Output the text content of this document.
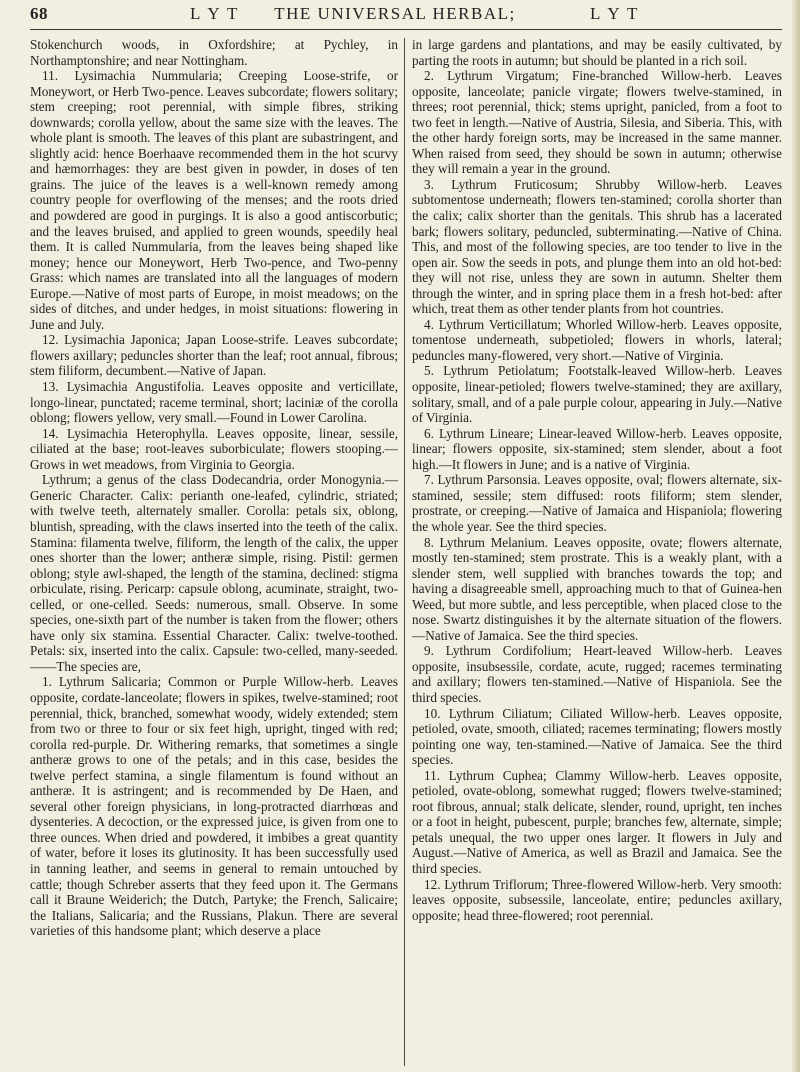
68	L Y T	THE UNIVERSAL HERBAL;	L Y T

Stokenchurch woods, in Oxfordshire; at Pychley, in Northamptonshire; and near Nottingham.

11. Lysimachia Nummularia; Creeping Loose-strife, or Moneywort, or Herb Two-pence. Leaves subcordate; flowers solitary; stem creeping; root perennial, with simple fibres, striking downwards; corolla yellow, about the same size with the leaves. The whole plant is smooth. The leaves of this plant are subastringent, and slightly acid: hence Boerhaave recommended them in the hot scurvy and hæmorrhages: they are best given in powder, in doses of ten grains. The juice of the leaves is a well-known remedy among country people for overflowing of the menses; and the roots dried and powdered are good in purgings. It is also a good antiscorbutic; and the leaves bruised, and applied to green wounds, speedily heal them. It is called Nummularia, from the leaves being shaped like money; hence our Moneywort, Herb Two-pence, and Two-penny Grass: which names are translated into all the languages of modern Europe.—Native of most parts of Europe, in moist meadows; on the sides of ditches, and under hedges, in moist situations: flowering in June and July.

12. Lysimachia Japonica; Japan Loose-strife. Leaves subcordate; flowers axillary; peduncles shorter than the leaf; root annual, fibrous; stem filiform, decumbent.—Native of Japan.

13. Lysimachia Angustifolia. Leaves opposite and verticillate, longo-linear, punctated; raceme terminal, short; laciniæ of the corolla oblong; flowers yellow, very small.—Found in Lower Carolina.

14. Lysimachia Heterophylla. Leaves opposite, linear, sessile, ciliated at the base; root-leaves suborbiculate; flowers stooping.—Grows in wet meadows, from Virginia to Georgia.

Lythrum; a genus of the class Dodecandria, order Monogynia.—Generic Character. Calix: perianth one-leafed, cylindric, striated; with twelve teeth, alternately smaller. Corolla: petals six, oblong, bluntish, spreading, with the claws inserted into the teeth of the calix. Stamina: filamenta twelve, filiform, the length of the calix, the upper ones shorter than the lower; antheræ simple, rising. Pistil: germen oblong; style awl-shaped, the length of the stamina, declined: stigma orbiculate, rising. Pericarp: capsule oblong, acuminate, straight, two-celled, or one-celled. Seeds: numerous, small. Observe. In some species, one-sixth part of the number is taken from the flower; others have only six stamina. Essential Character. Calix: twelve-toothed. Petals: six, inserted into the calix. Capsule: two-celled, many-seeded.——The species are,

1. Lythrum Salicaria; Common or Purple Willow-herb. Leaves opposite, cordate-lanceolate; flowers in spikes, twelve-stamined; root perennial, thick, branched, somewhat woody, widely extended; stem from two or three to four or six feet high, upright, tinged with red; corolla red-purple. Dr. Withering remarks, that sometimes a single antheræ grows to one of the petals; and in this case, besides the twelve perfect stamina, a single filamentum is found without an antheræ. It is astringent; and is recommended by De Haen, and several other foreign physicians, in long-protracted diarrhœas and dysenteries. A decoction, or the expressed juice, is given from one to three ounces. When dried and powdered, it imbibes a great quantity of water, before it loses its glutinosity. It has been successfully used in tanning leather, and seems in general to remain untouched by cattle; though Schreber asserts that they feed upon it. The Germans call it Braune Weiderich; the Dutch, Partyke; the French, Salicaire; the Italians, Salicaria; and the Russians, Plakun. There are several varieties of this handsome plant; which deserve a place

in large gardens and plantations, and may be easily cultivated, by parting the roots in autumn; but should be planted in a rich soil.

2. Lythrum Virgatum; Fine-branched Willow-herb. Leaves opposite, lanceolate; panicle virgate; flowers twelve-stamined, in threes; root perennial, thick; stems upright, panicled, from a foot to two feet in length.—Native of Austria, Silesia, and Siberia. This, with the other hardy foreign sorts, may be increased in the same manner. When raised from seed, they should be sown in autumn; otherwise they will remain a year in the ground.

3. Lythrum Fruticosum; Shrubby Willow-herb. Leaves subtomentose underneath; flowers ten-stamined; corolla shorter than the calix; calix shorter than the genitals. This shrub has a lacerated bark; flowers solitary, peduncled, subterminating.—Native of China. This, and most of the following species, are too tender to live in the open air. Sow the seeds in pots, and plunge them into an old hot-bed: they will not rise, unless they are sown in autumn. Shelter them through the winter, and in spring place them in a fresh hot-bed: after which, treat them as other tender plants from hot countries.

4. Lythrum Verticillatum; Whorled Willow-herb. Leaves opposite, tomentose underneath, subpetioled; flowers in whorls, lateral; peduncles many-flowered, very short.—Native of Virginia.

5. Lythrum Petiolatum; Footstalk-leaved Willow-herb. Leaves opposite, linear-petioled; flowers twelve-stamined; they are axillary, solitary, small, and of a pale purple colour, appearing in July.—Native of Virginia.

6. Lythrum Lineare; Linear-leaved Willow-herb. Leaves opposite, linear; flowers opposite, six-stamined; stem slender, about a foot high.—It flowers in June; and is a native of Virginia.

7. Lythrum Parsonsia. Leaves opposite, oval; flowers alternate, six-stamined, sessile; stem diffused: roots filiform; stem slender, prostrate, or creeping.—Native of Jamaica and Hispaniola; flowering the whole year. See the third species.

8. Lythrum Melanium. Leaves opposite, ovate; flowers alternate, mostly ten-stamined; stem prostrate. This is a weakly plant, with a slender stem, well supplied with branches towards the top; and having a disagreeable smell, approaching much to that of Guinea-hen Weed, but more subtle, and less perceptible, when placed close to the nose. Swartz distinguishes it by the alternate situation of the flowers.—Native of Jamaica. See the third species.

9. Lythrum Cordifolium; Heart-leaved Willow-herb. Leaves opposite, insubsessile, cordate, acute, rugged; racemes terminating and axillary; flowers ten-stamined.—Native of Hispaniola. See the third species.

10. Lythrum Ciliatum; Ciliated Willow-herb. Leaves opposite, petioled, ovate, smooth, ciliated; racemes terminating; flowers mostly pointing one way, ten-stamined.—Native of Jamaica. See the third species.

11. Lythrum Cuphea; Clammy Willow-herb. Leaves opposite, petioled, ovate-oblong, somewhat rugged; flowers twelve-stamined; root fibrous, annual; stalk delicate, slender, round, upright, ten inches or a foot in height, pubescent, purple; branches few, alternate, simple; petals unequal, the two upper ones larger. It flowers in July and August.—Native of America, as well as Brazil and Jamaica. See the third species.

12. Lythrum Triflorum; Three-flowered Willow-herb. Very smooth: leaves opposite, subsessile, lanceolate, entire; peduncles axillary, opposite; head three-flowered; root perennial.
